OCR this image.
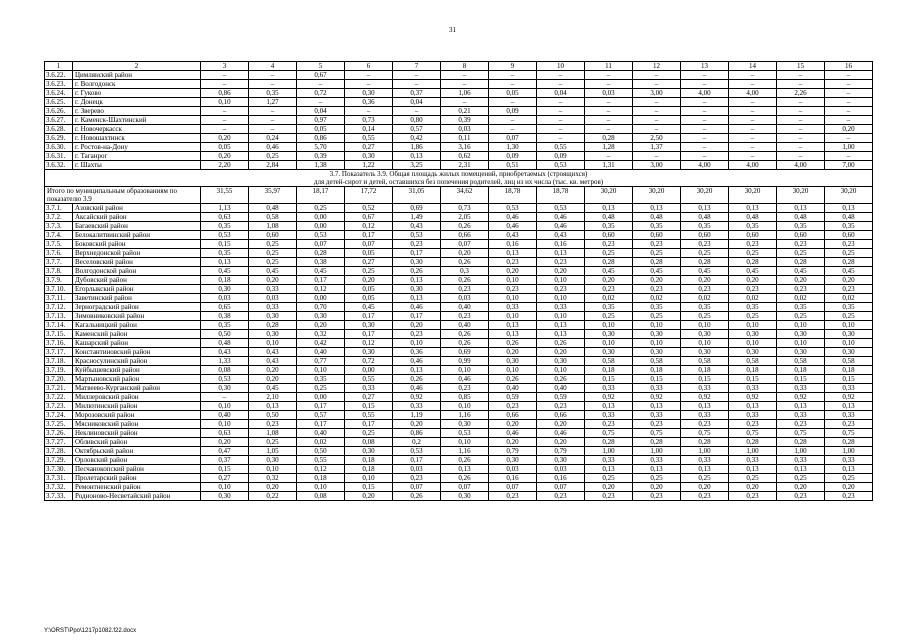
31
1	2	3	4	5	6	7	8	9	10	11	12	13	14	15	16
3.6.22.	Цимлянский район	–	–	0,67	–	–	–	–	–	–	–	–	–	–	–
3.6.23.	г. Волгодонск	–	–	–	–	–	–	–	–	–	–	–	–	–	–
3.6.24.	г. Гуково	0,86	0,35	0,72	0,30	0,37	1,06	0,05	0,04	0,03	3,00	4,00	4,00	2,26	–
3.6.25.	г. Донецк	0,10	1,27	–	0,36	0,04	–	–	–	–	–	–	–	–	–
3.6.26.	г. Зверево	–	–	0,04	–	–	0,21	0,09	–	–	–	–	–	–	–
3.6.27.	г. Каменск-Шахтинский	–	–	0,97	0,73	0,80	0,39	–	–	–	–	–	–	–	–
3.6.28.	г. Новочеркасск	–	–	0,05	0,14	0,57	0,03	–	–	–	–	–	–	–	0,20
3.6.29.	г. Новошахтинск	0,20	0,24	0,86	0,55	0,42	0,11	0,07	–	0,28	2,50	–	–	–	–
3.6.30.	г. Ростов-на-Дону	0,05	0,46	5,70	0,27	1,86	3,16	1,30	0,55	1,28	1,37	–	–	–	1,00
3.6.31.	г. Таганрог	0,20	0,25	0,39	0,30	0,13	0,62	0,09	0,09	–	–	–	–	–	–
3.6.32.	г. Шахты	2,20	2,84	1,38	1,22	3,25	2,31	0,51	0,53	1,31	3,00	4,00	4,00	4,00	7,00

3.7. Показатель 3.9. Общая площадь жилых помещений, приобретаемых (строящихся)
для детей-сирот и детей, оставшихся без попечения родителей, лиц из их числа (тыс. кв. метров)															

Итого по муниципальным образованиям по показателю 3.9		31,55	35,97	18,17	17,72	31,05	34,62	18,78	18,78	30,20	30,20	30,20	30,20	30,20	30,20
3.7.1.	Азовский район	1,13	0,48	0,25	0,52	0,69	0,73	0,53	0,53	0,13	0,13	0,13	0,13	0,13	0,13
3.7.2.	Аксайский район	0,63	0,58	0,00	0,67	1,49	2,05	0,46	0,46	0,48	0,48	0,48	0,48	0,48	0,48
3.7.3.	Багаевский район	0,35	1,08	0,00	0,12	0,43	0,26	0,46	0,46	0,35	0,35	0,35	0,35	0,35	0,35
3.7.4.	Белокалитвинский район	0,53	0,60	0,53	0,17	0,53	0,66	0,43	0,43	0,60	0,60	0,60	0,60	0,60	0,60
3.7.5.	Боковский район	0,15	0,25	0,07	0,07	0,23	0,07	0,16	0,16	0,23	0,23	0,23	0,23	0,23	0,23
3.7.6.	Верхнедонской район	0,35	0,25	0,28	0,05	0,17	0,20	0,13	0,13	0,25	0,25	0,25	0,25	0,25	0,25
3.7.7.	Веселовский район	0,13	0,25	0,38	0,27	0,30	0,26	0,23	0,23	0,28	0,28	0,28	0,28	0,28	0,28
3.7.8.	Волгодонской район	0,45	0,45	0,45	0,25	0,26	0,3	0,20	0,20	0,45	0,45	0,45	0,45	0,45	0,45
3.7.9.	Дубовский район	0,18	0,20	0,17	0,20	0,13	0,26	0,10	0,10	0,20	0,20	0,20	0,20	0,20	0,20
3.7.10.	Егорлыкский район	0,30	0,33	0,12	0,05	0,30	0,23	0,23	0,23	0,23	0,23	0,23	0,23	0,23	0,23
3.7.11.	Заветинский район	0,03	0,03	0,00	0,05	0,13	0,03	0,10	0,10	0,02	0,02	0,02	0,02	0,02	0,02
3.7.12.	Зерноградский район	0,65	0,33	0,70	0,45	0,46	0,40	0,33	0,33	0,35	0,35	0,35	0,35	0,35	0,35
3.7.13.	Зимовниковский район	0,38	0,30	0,30	0,17	0,17	0,23	0,10	0,10	0,25	0,25	0,25	0,25	0,25	0,25
3.7.14.	Кагальницкий район	0,35	0,28	0,20	0,30	0,20	0,40	0,13	0,13	0,10	0,10	0,10	0,10	0,10	0,10
3.7.15.	Каменский район	0,50	0,30	0,32	0,17	0,23	0,26	0,13	0,13	0,30	0,30	0,30	0,30	0,30	0,30
3.7.16.	Кашарский район	0,48	0,10	0,42	0,12	0,10	0,26	0,26	0,26	0,10	0,10	0,10	0,10	0,10	0,10
3.7.17.	Константиновский район	0,43	0,43	0,40	0,30	0,36	0,69	0,20	0,20	0,30	0,30	0,30	0,30	0,30	0,30
3.7.18.	Красносулинский район	1,33	0,43	0,77	0,72	0,46	0,99	0,30	0,30	0,58	0,58	0,58	0,58	0,58	0,58
3.7.19.	Куйбышевский район	0,08	0,20	0,10	0,00	0,13	0,10	0,10	0,10	0,18	0,18	0,18	0,18	0,18	0,18
3.7.20.	Мартыновский район	0,53	0,20	0,35	0,55	0,26	0,46	0,26	0,26	0,15	0,15	0,15	0,15	0,15	0,15
3.7.21.	Матвеево-Курганский район	0,30	0,45	0,25	0,33	0,46	0,23	0,40	0,40	0,33	0,33	0,33	0,33	0,33	0,33
3.7.22.	Миллеровский район	–	2,10	0,00	0,27	0,92	0,85	0,59	0,59	0,92	0,92	0,92	0,92	0,92	0,92
3.7.23.	Милютинский район	0,10	0,13	0,17	0,15	0,33	0,10	0,23	0,23	0,13	0,13	0,13	0,13	0,13	0,13
3.7.24.	Морозовский район	0,40	0,50	0,57	0,55	1,19	1,16	0,66	0,66	0,33	0,33	0,33	0,33	0,33	0,33
3.7.25.	Мясниковский район	0,10	0,23	0,17	0,17	0,20	0,30	0,20	0,20	0,23	0,23	0,23	0,23	0,23	0,23
3.7.26.	Неклиновский район	0,63	1,08	0,40	0,25	0,86	0,53	0,46	0,46	0,75	0,75	0,75	0,75	0,75	0,75
3.7.27.	Обливский район	0,20	0,25	0,02	0,08	0,2	0,10	0,20	0,20	0,28	0,28	0,28	0,28	0,28	0,28
3.7.28.	Октябрьский район	0,47	1,05	0,50	0,30	0,53	1,16	0,79	0,79	1,00	1,00	1,00	1,00	1,00	1,00
3.7.29.	Орловский район	0,37	0,30	0,55	0,18	0,17	0,26	0,30	0,30	0,33	0,33	0,33	0,33	0,33	0,33
3.7.30.	Песчанокопский район	0,15	0,10	0,12	0,18	0,03	0,13	0,03	0,03	0,13	0,13	0,13	0,13	0,13	0,13
3.7.31.	Пролетарский район	0,27	0,32	0,18	0,10	0,23	0,26	0,16	0,16	0,25	0,25	0,25	0,25	0,25	0,25
3.7.32.	Ремонтненский район	0,10	0,20	0,10	0,15	0,07	0,07	0,07	0,07	0,20	0,20	0,20	0,20	0,20	0,20
3.7.33.	Родионово-Несветайский район	0,30	0,22	0,08	0,20	0,26	0,30	0,23	0,23	0,23	0,23	0,23	0,23	0,23	0,23
Y:\ORST\Ppo\1217p1082.f22.docx
